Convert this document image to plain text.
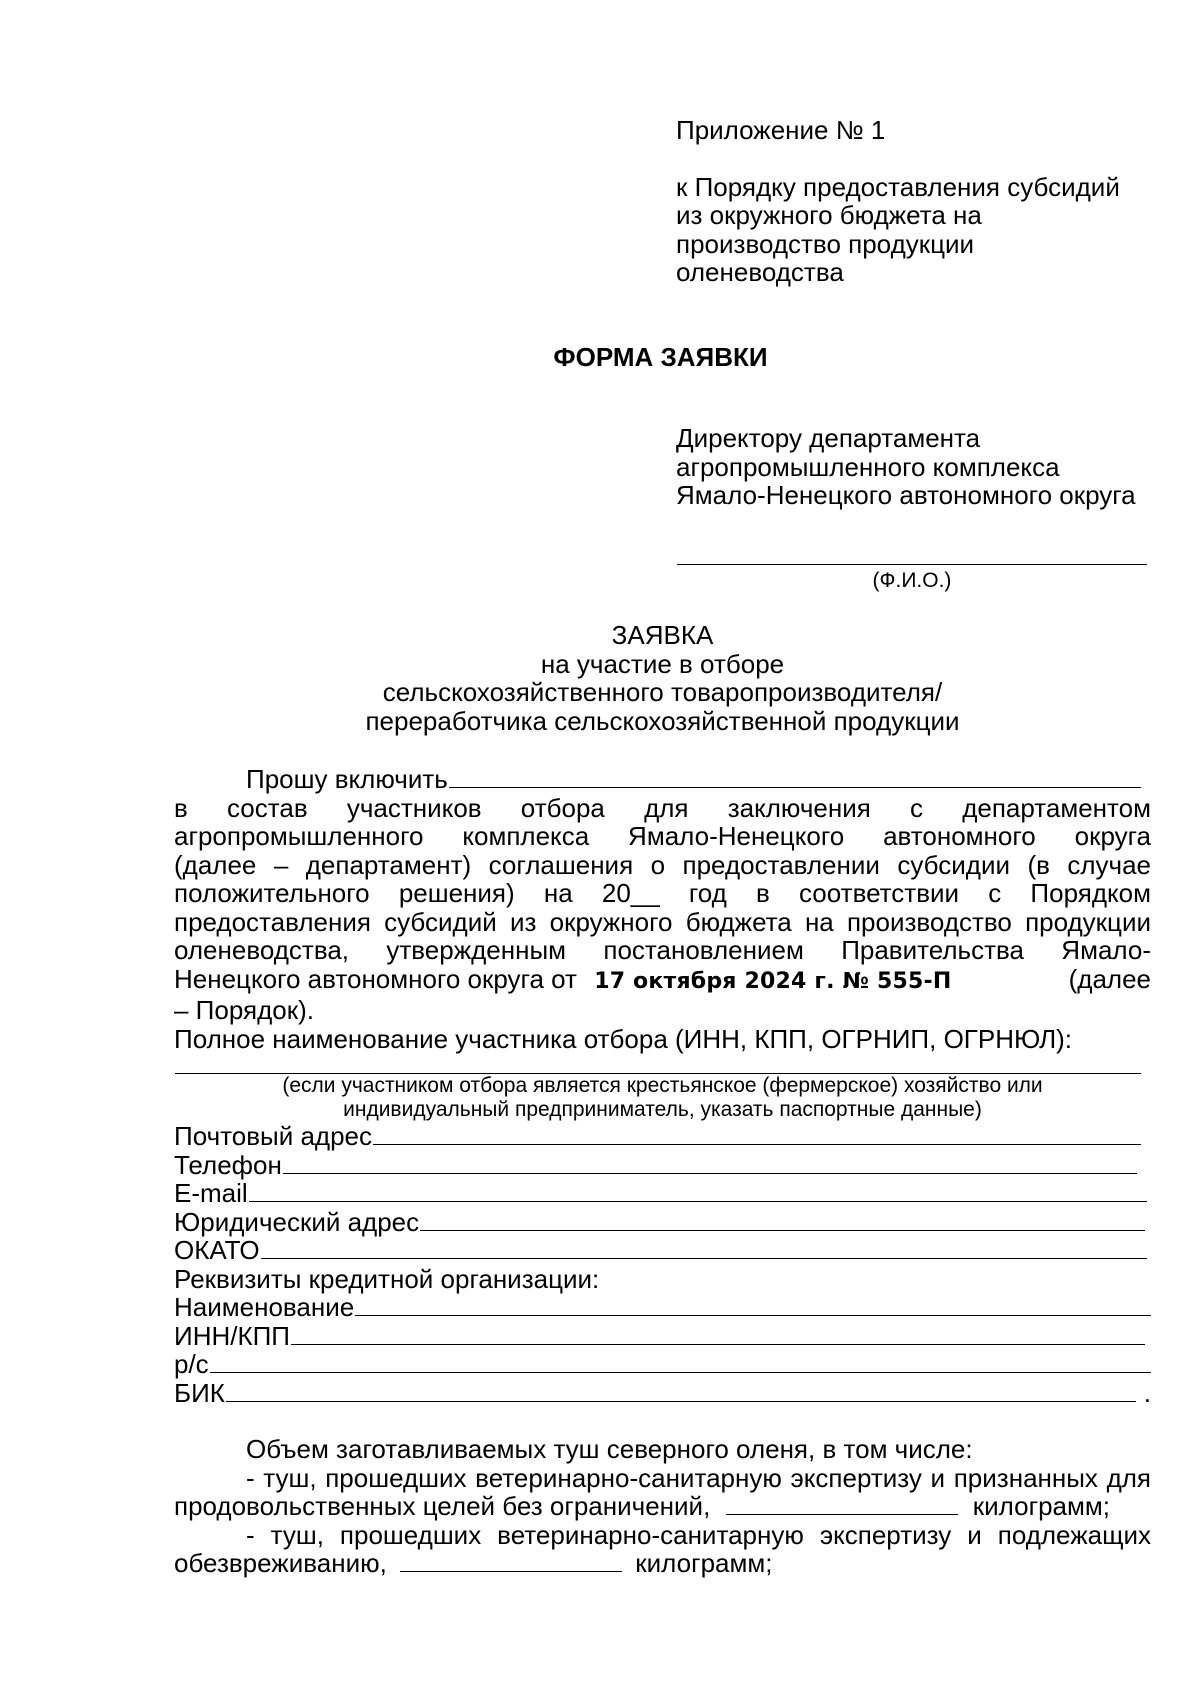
Приложение № 1

к Порядку предоставления субсидий

из окружного бюджета на

производство продукции

оленеводства

ФОРМА ЗАЯВКИ
Директору департамента
агропромышленного комплекса
Ямало-Ненецкого автономного округа
(Ф.И.О.)
ЗАЯВКА
на участие в отборе
сельскохозяйственного товаропроизводителя/
переработчика сельскохозяйственной продукции
Прошу включить
в состав участников отбора для заключения с департаментом
агропромышленного комплекса Ямало-Ненецкого автономного округа
(далее – департамент) соглашения о предоставлении субсидии (в случае
положительного решения) на 20__ год в соответствии с Порядком
предоставления субсидий из окружного бюджета на производство продукции
оленеводства, утвержденным постановлением Правительства Ямало-
Ненецкого автономного округа от 17 октября 2024 г. № 555-П	(далее
– Порядок).
Полное наименование участника отбора (ИНН, КПП, ОГРНИП, ОГРНЮЛ):
(если участником отбора является крестьянское (фермерское) хозяйство или
индивидуальный предприниматель, указать паспортные данные)
Почтовый адрес
Телефон
E-mail
Юридический адрес
ОКАТО
Реквизиты кредитной организации:
Наименование
ИНН/КПП
р/с
БИК	.
Объем заготавливаемых туш северного оленя, в том числе:
- туш, прошедших ветеринарно-санитарную экспертизу и признанных для
продовольственных целей без ограничений,	килограмм;
- туш, прошедших ветеринарно-санитарную экспертизу и подлежащих
обезвреживанию,	килограмм;
